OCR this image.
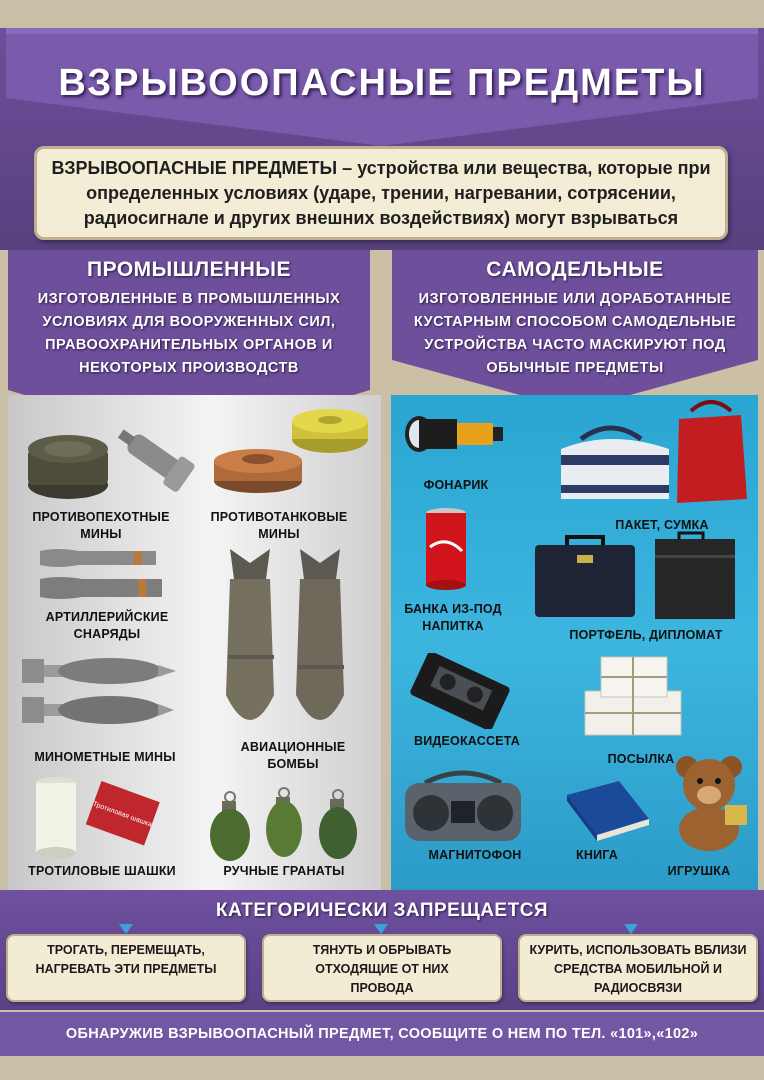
ВЗРЫВООПАСНЫЕ ПРЕДМЕТЫ
ВЗРЫВООПАСНЫЕ ПРЕДМЕТЫ – устройства или вещества, которые при определенных условиях (ударе, трении, нагревании, сотрясении, радиосигнале и других внешних воздействиях) могут взрываться
ПРОМЫШЛЕННЫЕ
ИЗГОТОВЛЕННЫЕ В ПРОМЫШЛЕННЫХ УСЛОВИЯХ ДЛЯ ВООРУЖЕННЫХ СИЛ, ПРАВООХРАНИТЕЛЬНЫХ ОРГАНОВ И НЕКОТОРЫХ ПРОИЗВОДСТВ
САМОДЕЛЬНЫЕ
ИЗГОТОВЛЕННЫЕ ИЛИ ДОРАБОТАННЫЕ КУСТАРНЫМ СПОСОБОМ САМОДЕЛЬНЫЕ УСТРОЙСТВА ЧАСТО МАСКИРУЮТ ПОД ОБЫЧНЫЕ ПРЕДМЕТЫ
ПРОТИВОПЕХОТНЫЕ МИНЫ
ПРОТИВОТАНКОВЫЕ МИНЫ
АРТИЛЛЕРИЙСКИЕ СНАРЯДЫ
МИНОМЕТНЫЕ МИНЫ
АВИАЦИОННЫЕ БОМБЫ
Тротиловая шашка
ТРОТИЛОВЫЕ ШАШКИ	РУЧНЫЕ ГРАНАТЫ
ФОНАРИК
ПАКЕТ, СУМКА
БАНКА ИЗ-ПОД НАПИТКА
ПОРТФЕЛЬ, ДИПЛОМАТ
ВИДЕОКАССЕТА
ПОСЫЛКА
МАГНИТОФОН	КНИГА
ИГРУШКА
КАТЕГОРИЧЕСКИ ЗАПРЕЩАЕТСЯ
ТРОГАТЬ, ПЕРЕМЕЩАТЬ, НАГРЕВАТЬ ЭТИ ПРЕДМЕТЫ
ТЯНУТЬ И ОБРЫВАТЬ ОТХОДЯЩИЕ ОТ НИХ ПРОВОДА
КУРИТЬ, ИСПОЛЬЗОВАТЬ ВБЛИЗИ СРЕДСТВА МОБИЛЬНОЙ И РАДИОСВЯЗИ
ОБНАРУЖИВ ВЗРЫВООПАСНЫЙ ПРЕДМЕТ, СООБЩИТЕ О НЕМ ПО ТЕЛ. «101»,«102»
